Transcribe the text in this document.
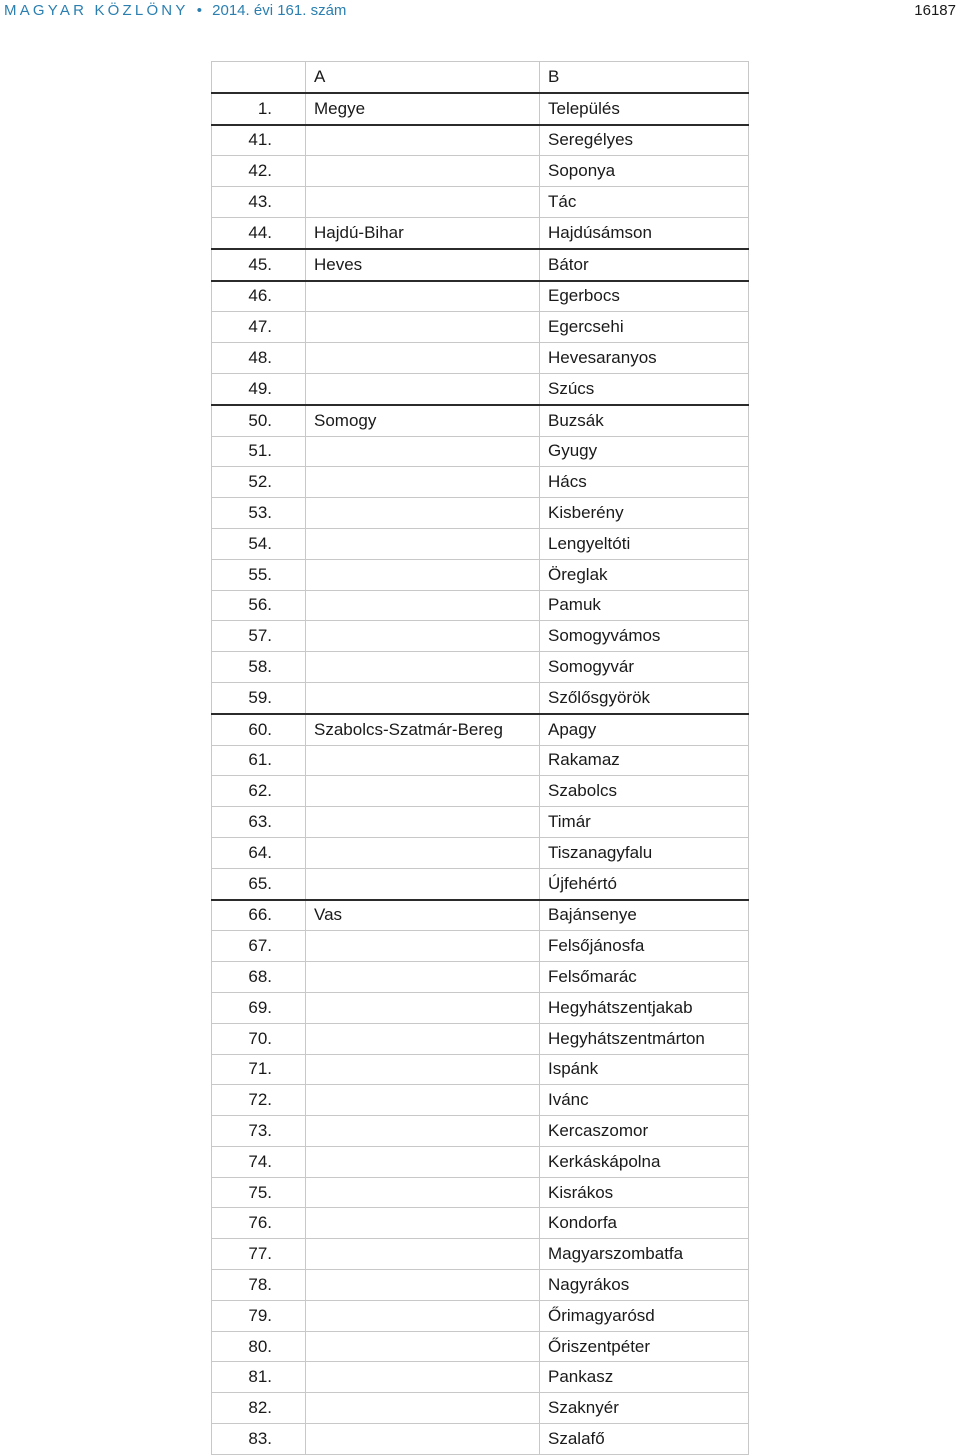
MAGYAR KÖZLÖNY • 2014. évi 161. szám	16187
	A	B
1.	Megye	Település
41.		Seregélyes
42.		Soponya
43.		Tác
44.	Hajdú-Bihar	Hajdúsámson
45.	Heves	Bátor
46.		Egerbocs
47.		Egercsehi
48.		Hevesaranyos
49.		Szúcs
50.	Somogy	Buzsák
51.		Gyugy
52.		Hács
53.		Kisberény
54.		Lengyeltóti
55.		Öreglak
56.		Pamuk
57.		Somogyvámos
58.		Somogyvár
59.		Szőlősgyörök
60.	Szabolcs-Szatmár-Bereg	Apagy
61.		Rakamaz
62.		Szabolcs
63.		Timár
64.		Tiszanagyfalu
65.		Újfehértó
66.	Vas	Bajánsenye
67.		Felsőjánosfa
68.		Felsőmarác
69.		Hegyhátszentjakab
70.		Hegyhátszentmárton
71.		Ispánk
72.		Ivánc
73.		Kercaszomor
74.		Kerkáskápolna
75.		Kisrákos
76.		Kondorfa
77.		Magyarszombatfa
78.		Nagyrákos
79.		Őrimagyarósd
80.		Őriszentpéter
81.		Pankasz
82.		Szaknyér
83.		Szalafő
